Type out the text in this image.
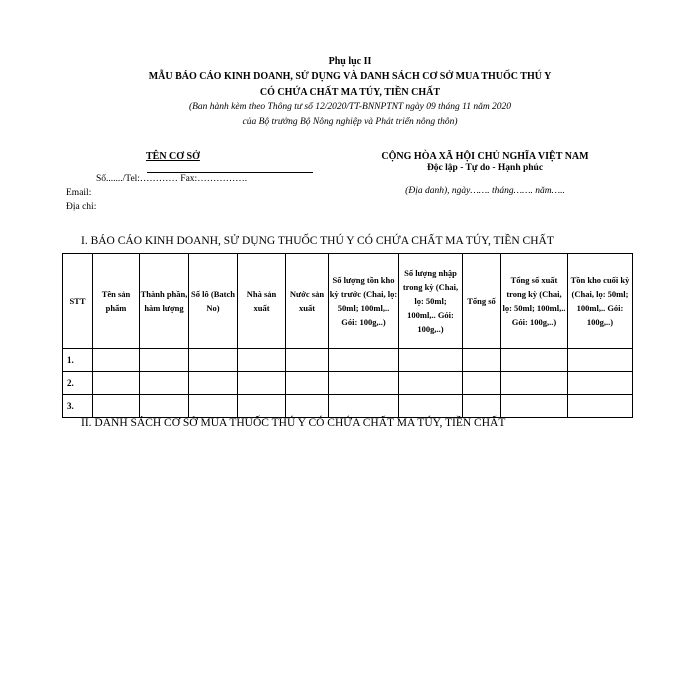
Phụ lục II
MẪU BÁO CÁO KINH DOANH, SỬ DỤNG VÀ DANH SÁCH CƠ SỞ MUA THUỐC THÚ Y
CÓ CHỨA CHẤT MA TÚY, TIỀN CHẤT
(Ban hành kèm theo Thông tư số 12/2020/TT-BNNPTNT ngày 09 tháng 11 năm 2020
của Bộ trưởng Bộ Nông nghiệp và Phát triển nông thôn)
TÊN CƠ SỞ
Số......./Tel:………… Fax:…………….
Email:
Địa chỉ:
CỘNG HÒA XÃ HỘI CHỦ NGHĨA VIỆT NAM
Độc lập - Tự do - Hạnh phúc
(Địa danh), ngày……. tháng……. năm…..
I. BÁO CÁO KINH DOANH, SỬ DỤNG THUỐC THÚ Y CÓ CHỨA CHẤT MA TÚY, TIỀN CHẤT
STT	Tên sản phẩm	Thành phần, hàm lượng	Số lô (Batch No)	Nhà sản xuất	Nước sản xuất	Số lượng tồn kho kỳ trước (Chai, lọ: 50ml; 100ml,.. Gói: 100g,..)	Số lượng nhập trong kỳ (Chai, lọ: 50ml; 100ml,.. Gói: 100g,..)	Tổng số	Tổng số xuất trong kỳ (Chai, lọ: 50ml; 100ml,.. Gói: 100g,..)	Tồn kho cuối kỳ (Chai, lọ: 50ml; 100ml,.. Gói: 100g,..)
1.										
2.										
3.										
II. DANH SÁCH CƠ SỞ MUA THUỐC THÚ Y CÓ CHỨA CHẤT MA TÚY, TIỀN CHẤT
